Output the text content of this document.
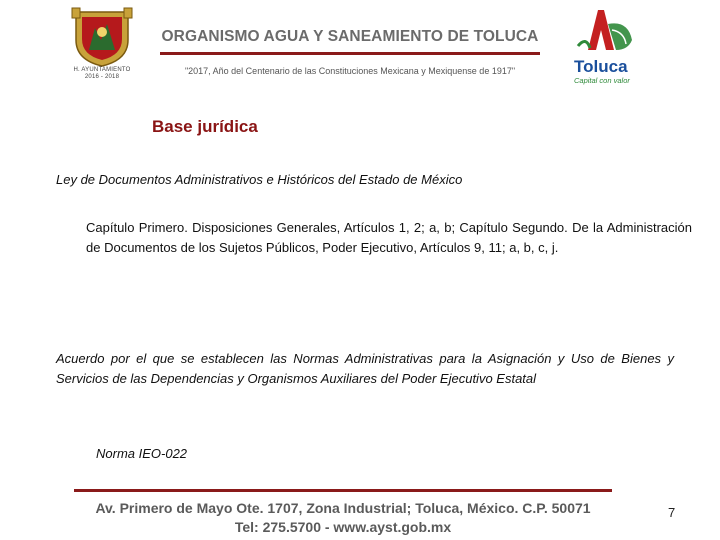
H. AYUNTAMIENTO
2016 - 2018
ORGANISMO AGUA Y SANEAMIENTO DE TOLUCA
"2017, Año del Centenario de las Constituciones Mexicana y Mexiquense de 1917"	Toluca
Capital con valor
Base jurídica
Ley de Documentos Administrativos e Históricos del Estado de México
Capítulo Primero. Disposiciones Generales, Artículos 1, 2; a, b; Capítulo Segundo. De la Administración de Documentos de los Sujetos Públicos, Poder Ejecutivo, Artículos 9, 11; a, b, c, j.
Acuerdo por el que se establecen las Normas Administrativas para la Asignación y Uso de Bienes y Servicios de las Dependencias y Organismos Auxiliares del Poder Ejecutivo Estatal
Norma IEO-022
Av. Primero de Mayo Ote. 1707, Zona Industrial; Toluca, México. C.P. 50071
Tel: 275.5700 - www.ayst.gob.mx
7
